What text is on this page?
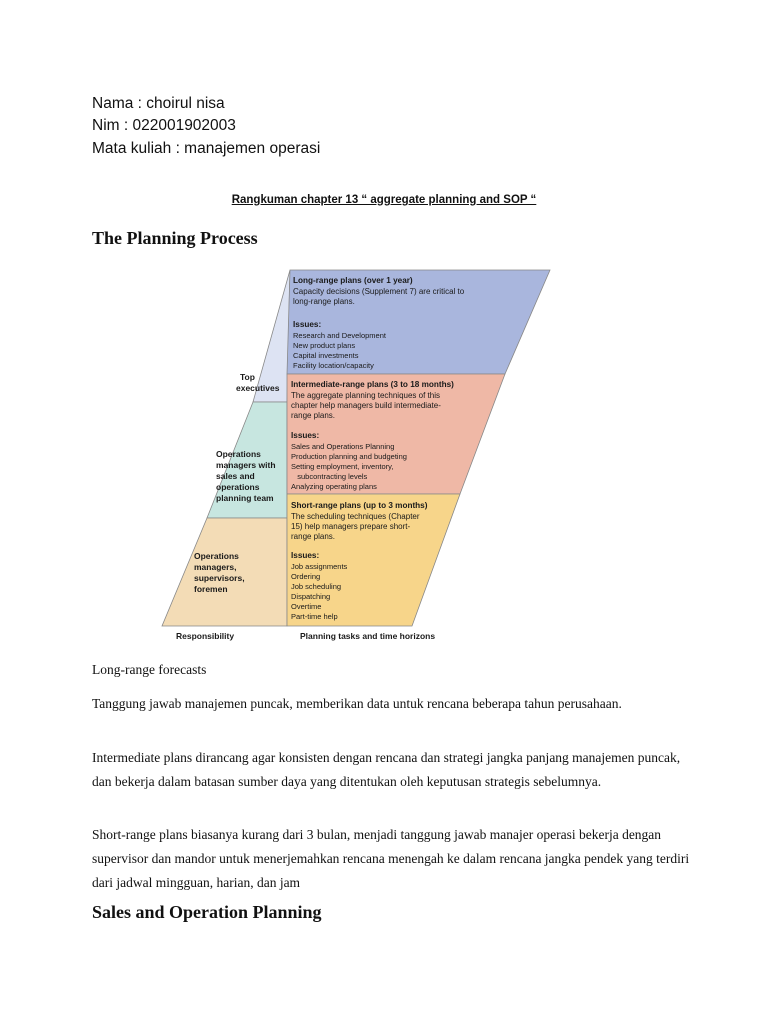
Nama : choirul nisa
Nim : 022001902003
Mata kuliah : manajemen operasi
Rangkuman chapter 13 “ aggregate planning and SOP “
The Planning Process
Top
executives
Operations
managers with
sales and
operations
planning team
Operations
managers,
supervisors,
foremen
Long-range plans (over 1 year)
Capacity decisions (Supplement 7) are critical to
long-range plans.
Issues:
Research and Development
New product plans
Capital investments
Facility location/capacity
Intermediate-range plans (3 to 18 months)
The aggregate planning techniques of this
chapter help managers build intermediate-
range plans.
Issues:
Sales and Operations Planning
Production planning and budgeting
Setting employment, inventory,
subcontracting levels
Analyzing operating plans
Short-range plans (up to 3 months)
The scheduling techniques (Chapter
15) help managers prepare short-
range plans.
Issues:
Job assignments
Ordering
Job scheduling
Dispatching
Overtime
Part-time help
Responsibility	Planning tasks and time horizons
Long-range forecasts
Tanggung jawab manajemen puncak, memberikan data untuk rencana beberapa tahun perusahaan.
Intermediate plans dirancang agar konsisten dengan rencana dan strategi jangka panjang manajemen puncak, dan bekerja dalam batasan sumber daya yang ditentukan oleh keputusan strategis sebelumnya.
Short-range plans biasanya kurang dari 3 bulan, menjadi tanggung jawab manajer operasi bekerja dengan supervisor dan mandor untuk menerjemahkan rencana menengah ke dalam rencana jangka pendek yang terdiri dari jadwal mingguan, harian, dan jam
Sales and Operation Planning
